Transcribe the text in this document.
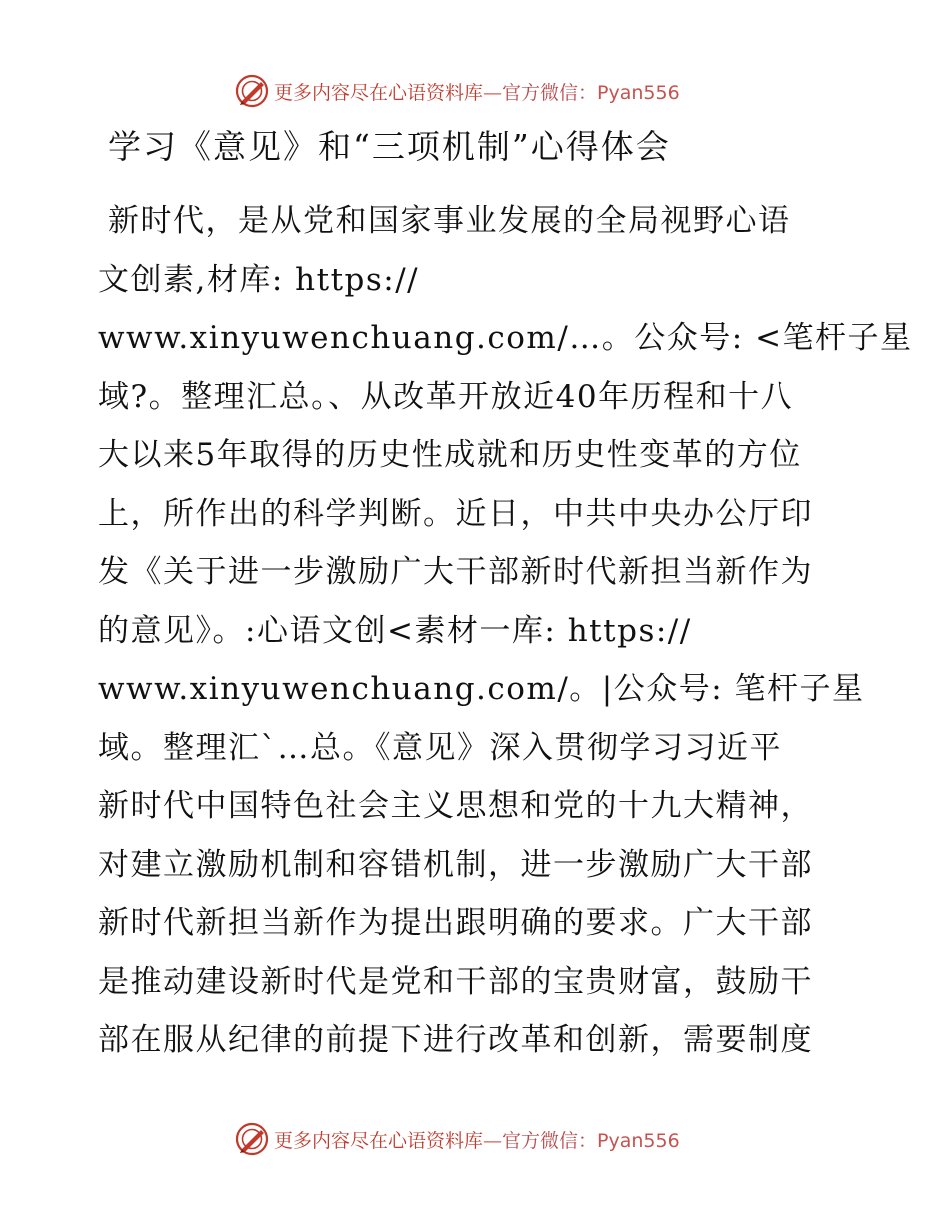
更多内容尽在心语资料库—官方微信：Pyan556
学习《意见》和“三项机制”心得体会
新时代，是从党和国家事业发展的全局视野心语
文创素,材库: https://
www.xinyuwenchuang.com/…。公众号: <笔杆子星
域?。整理汇总。、从改革开放近40年历程和十八
大以来5年取得的历史性成就和历史性变革的方位
上，所作出的科学判断。近日，中共中央办公厅印
发《关于进一步激励广大干部新时代新担当新作为
的意见》。:心语文创<素材一库: https://
www.xinyuwenchuang.com/。|公众号: 笔杆子星
域。整理汇`…总。《意见》深入贯彻学习习近平
新时代中国特色社会主义思想和党的十九大精神，
对建立激励机制和容错机制，进一步激励广大干部
新时代新担当新作为提出跟明确的要求。广大干部
是推动建设新时代是党和干部的宝贵财富，鼓励干
部在服从纪律的前提下进行改革和创新，需要制度
更多内容尽在心语资料库—官方微信：Pyan556
